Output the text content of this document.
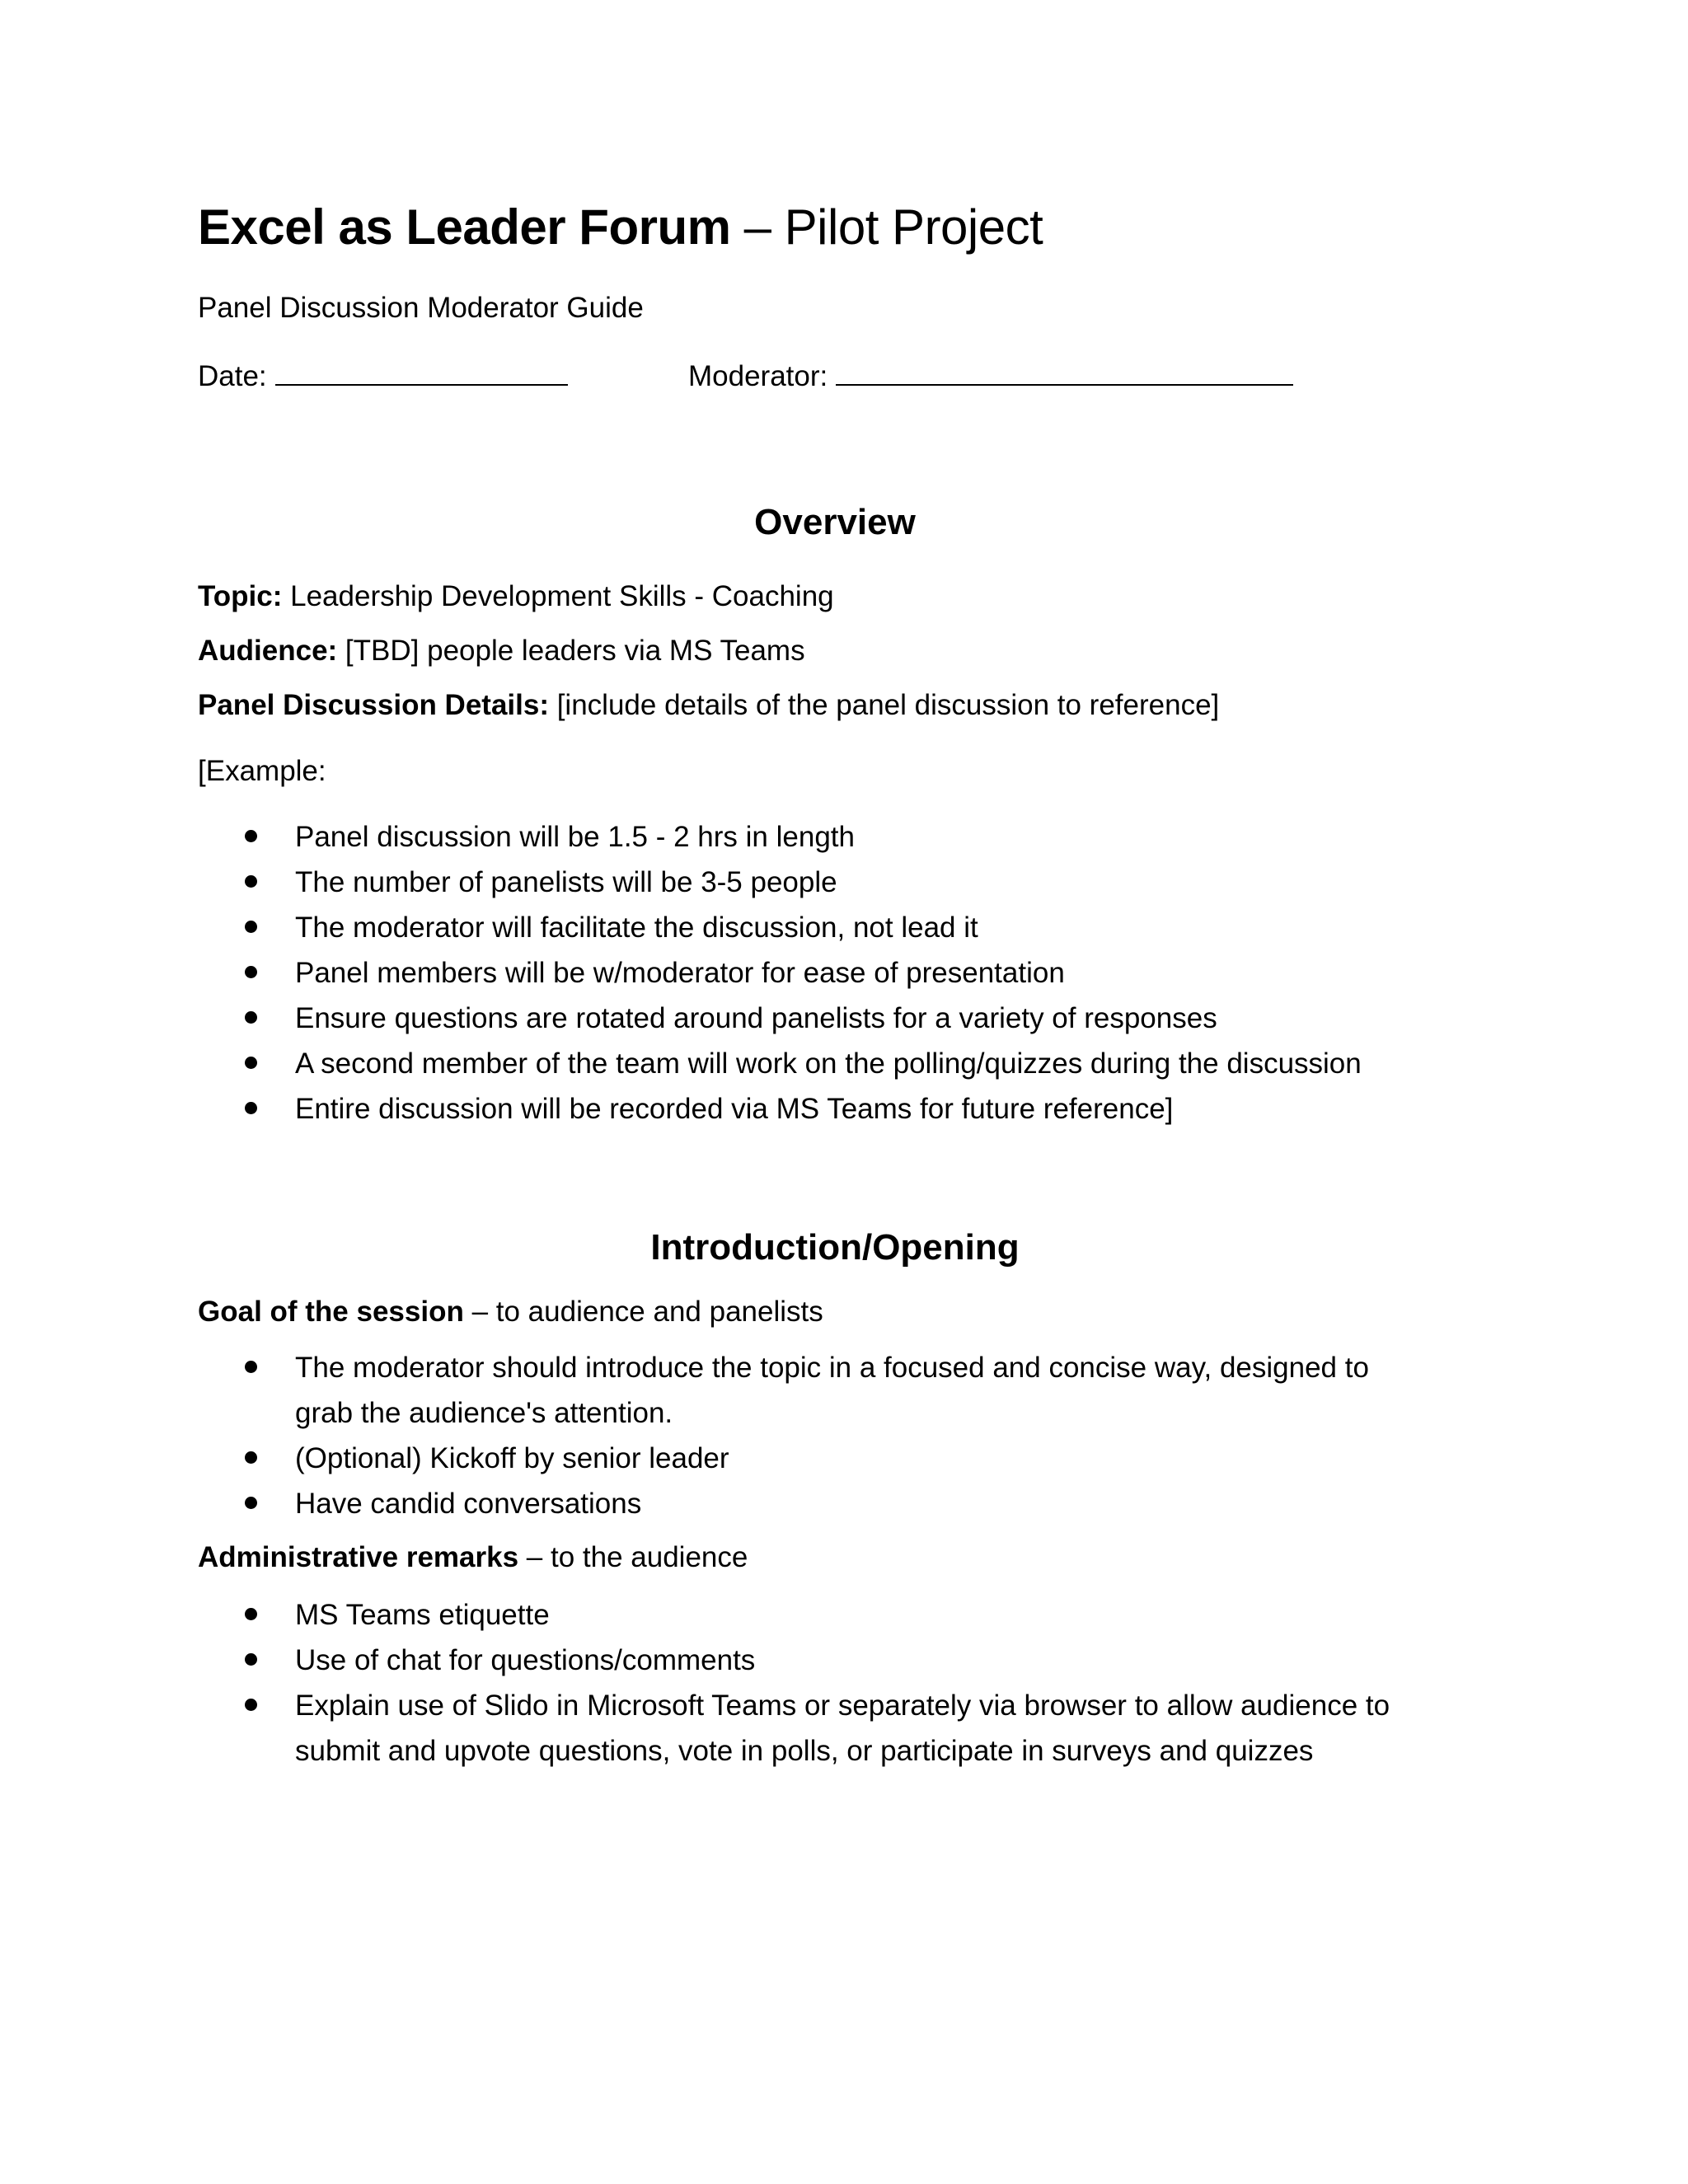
Excel as Leader Forum – Pilot Project
Panel Discussion Moderator Guide
Date:	Moderator:
Overview
Topic: Leadership Development Skills - Coaching
Audience: [TBD] people leaders via MS Teams
Panel Discussion Details: [include details of the panel discussion to reference]
[Example:
Panel discussion will be 1.5 - 2 hrs in length
The number of panelists will be 3-5 people
The moderator will facilitate the discussion, not lead it
Panel members will be w/moderator for ease of presentation
Ensure questions are rotated around panelists for a variety of responses
A second member of the team will work on the polling/quizzes during the discussion
Entire discussion will be recorded via MS Teams for future reference]
Introduction/Opening
Goal of the session – to audience and panelists
The moderator should introduce the topic in a focused and concise way, designed to
grab the audience's attention.
(Optional) Kickoff by senior leader
Have candid conversations
Administrative remarks – to the audience
MS Teams etiquette
Use of chat for questions/comments
Explain use of Slido in Microsoft Teams or separately via browser to allow audience to
submit and upvote questions, vote in polls, or participate in surveys and quizzes
